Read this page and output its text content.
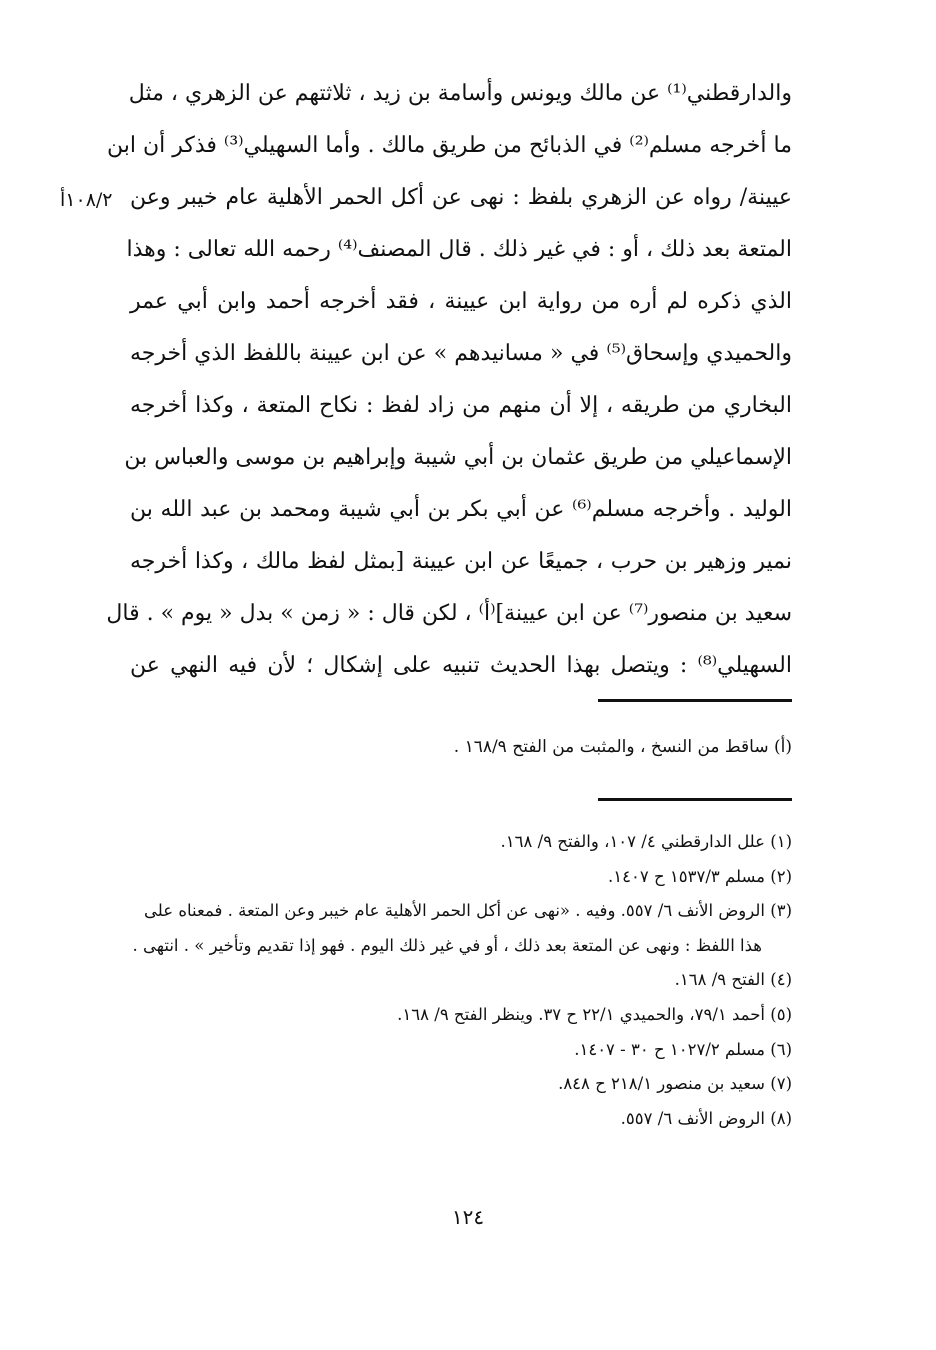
١٠٨/٢أ
والدارقطني⁽¹⁾ عن مالك ويونس وأسامة بن زيد ، ثلاثتهم عن الزهري ، مثل
ما أخرجه مسلم⁽²⁾ في الذبائح من طريق مالك . وأما السهيلي⁽³⁾ فذكر أن ابن
عيينة/ رواه عن الزهري بلفظ : نهى عن أكل الحمر الأهلية عام خيبر وعن
المتعة بعد ذلك ، أو : في غير ذلك . قال المصنف⁽⁴⁾ رحمه الله تعالى : وهذا
الذي ذكره لم أره من رواية ابن عيينة ، فقد أخرجه أحمد وابن أبي عمر
والحميدي وإسحاق⁽⁵⁾ في « مسانيدهم » عن ابن عيينة باللفظ الذي أخرجه
البخاري من طريقه ، إلا أن منهم من زاد لفظ : نكاح المتعة ، وكذا أخرجه
الإسماعيلي من طريق عثمان بن أبي شيبة وإبراهيم بن موسى والعباس بن
الوليد . وأخرجه مسلم⁽⁶⁾ عن أبي بكر بن أبي شيبة ومحمد بن عبد الله بن
نمير وزهير بن حرب ، جميعًا عن ابن عيينة [بمثل لفظ مالك ، وكذا أخرجه
سعيد بن منصور⁽⁷⁾ عن ابن عيينة]⁽أ⁾ ، لكن قال : « زمن » بدل « يوم » . قال
السهيلي⁽⁸⁾ : ويتصل بهذا الحديث تنبيه على إشكال ؛ لأن فيه النهي عن
(أ) ساقط من النسخ ، والمثبت من الفتح ١٦٨/٩ .
(١) علل الدارقطني ٤/ ١٠٧، والفتح ٩/ ١٦٨.
(٢) مسلم ١٥٣٧/٣ ح ١٤٠٧.
(٣) الروض الأنف ٦/ ٥٥٧. وفيه . «نهى عن أكل الحمر الأهلية عام خيبر وعن المتعة . فمعناه على
هذا اللفظ : ونهى عن المتعة بعد ذلك ، أو في غير ذلك اليوم . فهو إذا تقديم وتأخير » . انتهى .
(٤) الفتح ٩/ ١٦٨.
(٥) أحمد ٧٩/١، والحميدي ٢٢/١ ح ٣٧. وينظر الفتح ٩/ ١٦٨.
(٦) مسلم ١٠٢٧/٢ ح ٣٠ - ١٤٠٧.
(٧) سعيد بن منصور ٢١٨/١ ح ٨٤٨.
(٨) الروض الأنف ٦/ ٥٥٧.
١٢٤
